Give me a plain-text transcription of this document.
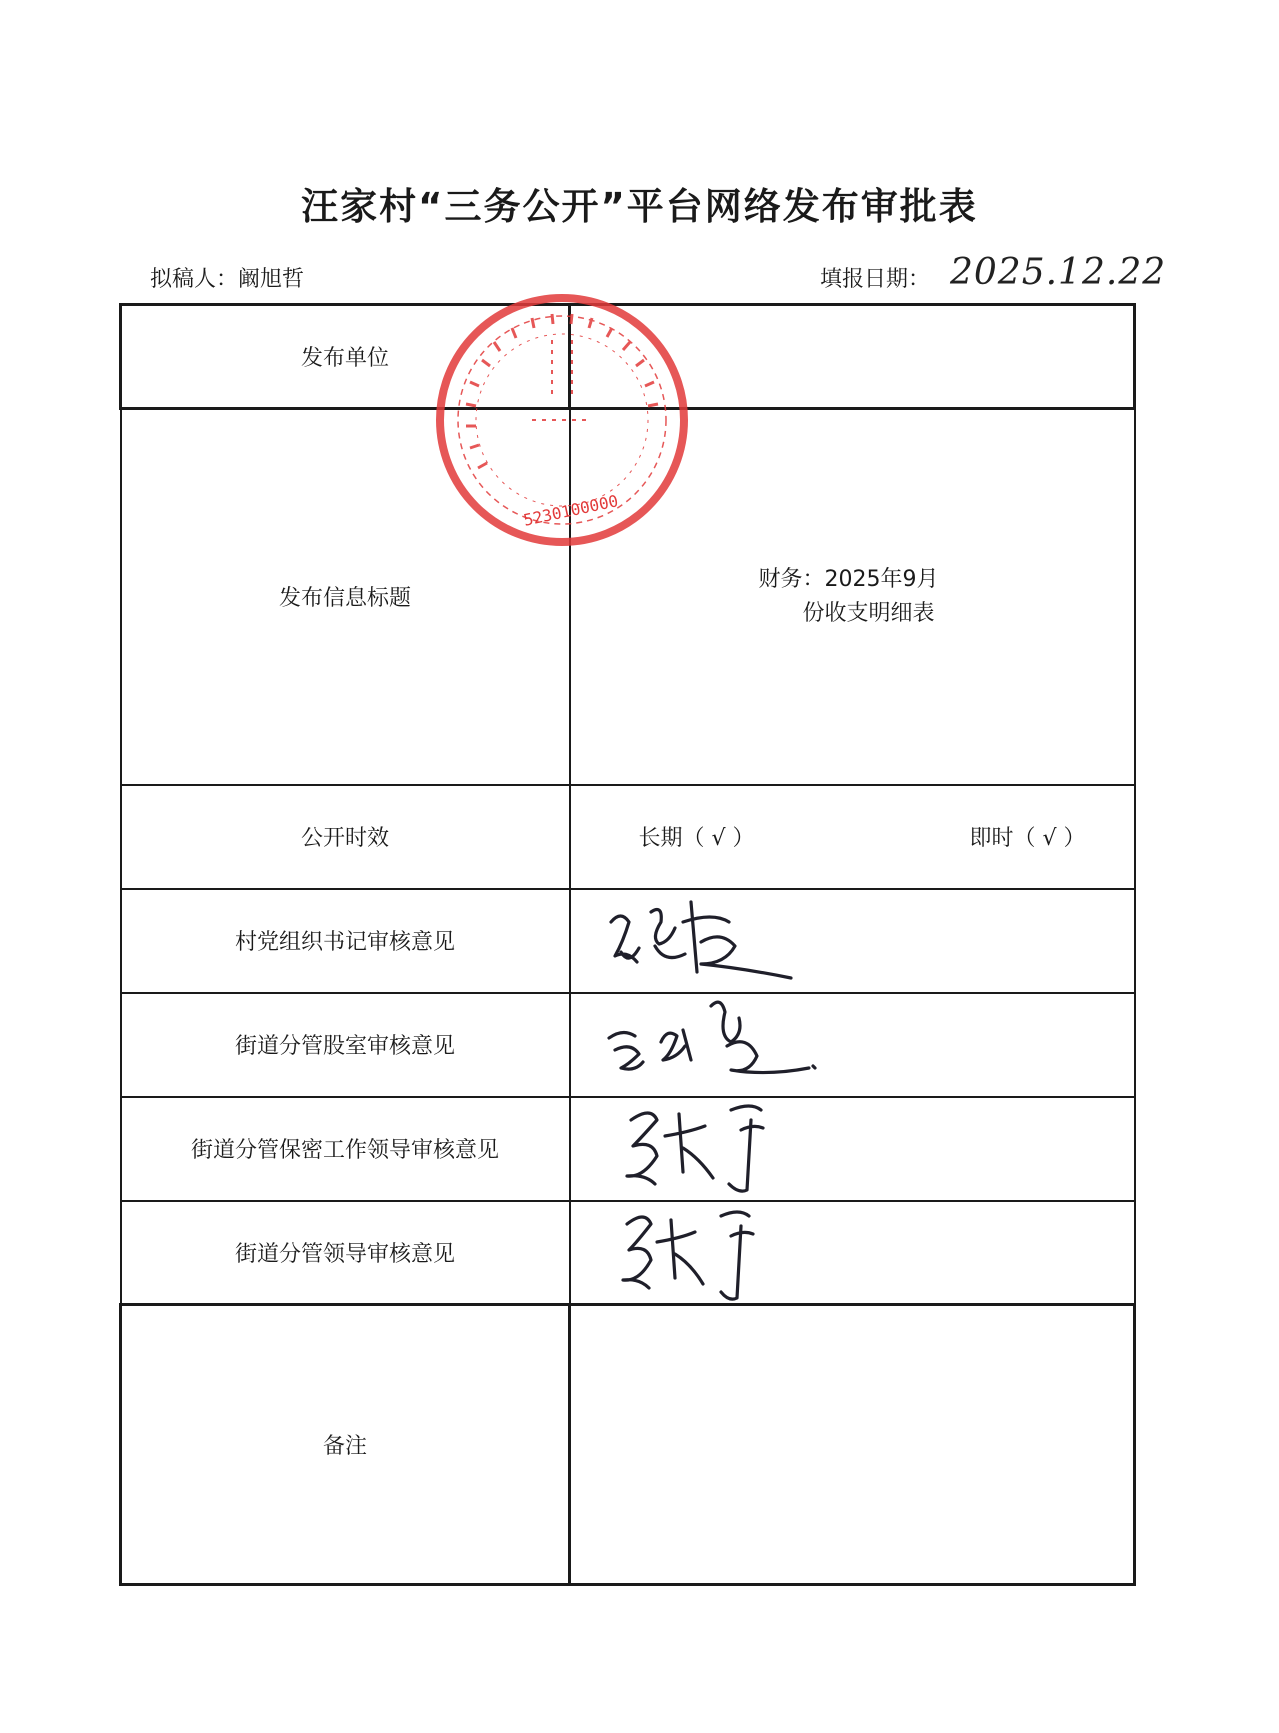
汪家村“三务公开”平台网络发布审批表
拟稿人：阚旭哲	填报日期： 2025.12.22
发布单位	
发布信息标题	财务：2025年9月
份收支明细表

公开时效	长期（ √ ） 即时（ √ ）

村党组织书记审核意见	

街道分管股室审核意见	

街道分管保密工作领导审核意见	

街道分管领导审核意见	

备注	
5230100000
